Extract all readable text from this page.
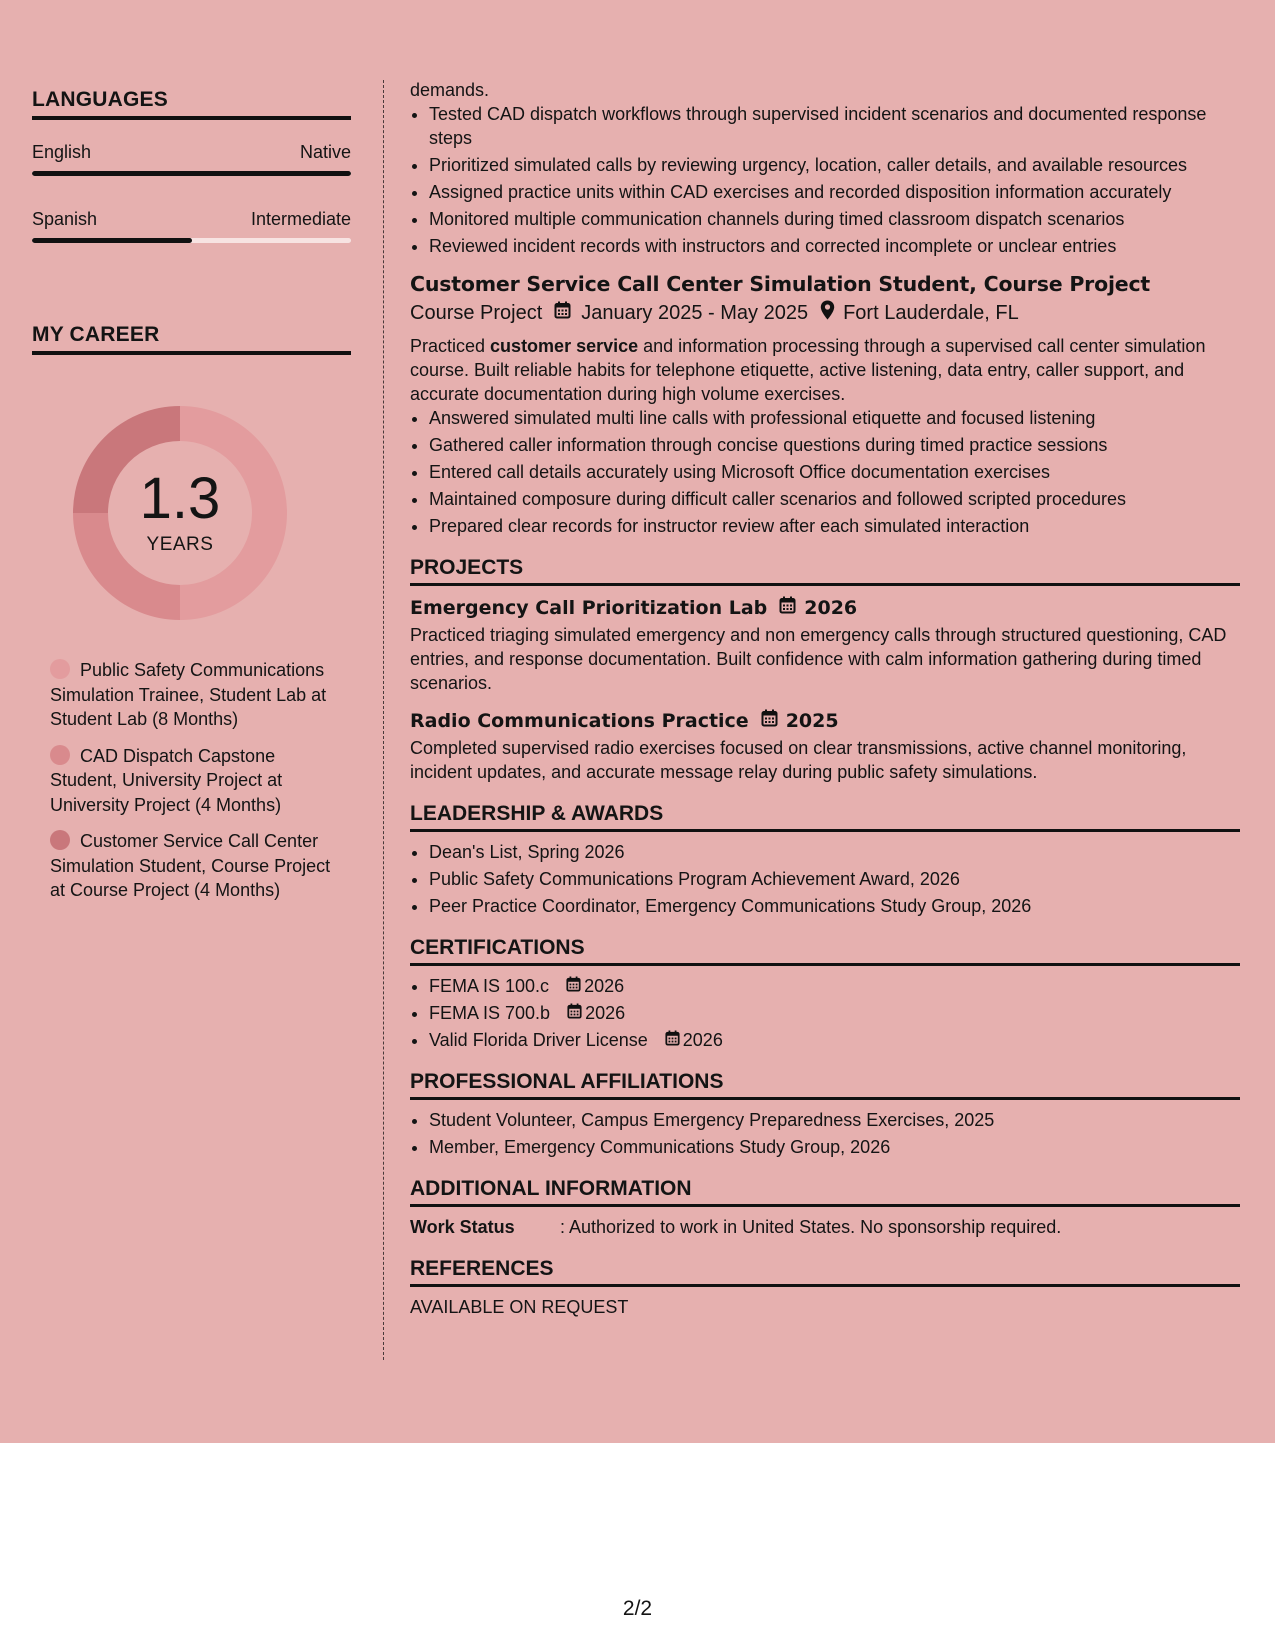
LANGUAGES
English	Native
Spanish	Intermediate
MY CAREER
1.3
YEARS
Public Safety Communications Simulation Trainee, Student Lab at Student Lab (8 Months)
CAD Dispatch Capstone Student, University Project at University Project (4 Months)
Customer Service Call Center Simulation Student, Course Project at Course Project (4 Months)

demands.

• Tested CAD dispatch workflows through supervised incident scenarios and documented response steps
• Prioritized simulated calls by reviewing urgency, location, caller details, and available resources
• Assigned practice units within CAD exercises and recorded disposition information accurately
• Monitored multiple communication channels during timed classroom dispatch scenarios
• Reviewed incident records with instructors and corrected incomplete or unclear entries
Customer Service Call Center Simulation Student, Course Project
Course Project January 2025 - May 2025 Fort Lauderdale, FL

Practiced customer service and information processing through a supervised call center simulation course. Built reliable habits for telephone etiquette, active listening, data entry, caller support, and accurate documentation during high volume exercises.

• Answered simulated multi line calls with professional etiquette and focused listening
• Gathered caller information through concise questions during timed practice sessions
• Entered call details accurately using Microsoft Office documentation exercises
• Maintained composure during difficult caller scenarios and followed scripted procedures
• Prepared clear records for instructor review after each simulated interaction
PROJECTS
Emergency Call Prioritization Lab 2026

Practiced triaging simulated emergency and non emergency calls through structured questioning, CAD entries, and response documentation. Built confidence with calm information gathering during timed scenarios.

Radio Communications Practice 2025

Completed supervised radio exercises focused on clear transmissions, active channel monitoring, incident updates, and accurate message relay during public safety simulations.

LEADERSHIP & AWARDS
• Dean's List, Spring 2026
• Public Safety Communications Program Achievement Award, 2026
• Peer Practice Coordinator, Emergency Communications Study Group, 2026
CERTIFICATIONS
• FEMA IS 100.c 2026
• FEMA IS 700.b 2026
• Valid Florida Driver License 2026
PROFESSIONAL AFFILIATIONS
• Student Volunteer, Campus Emergency Preparedness Exercises, 2025
• Member, Emergency Communications Study Group, 2026
ADDITIONAL INFORMATION
Work Status	: Authorized to work in United States. No sponsorship required.
REFERENCES

AVAILABLE ON REQUEST

2/2
